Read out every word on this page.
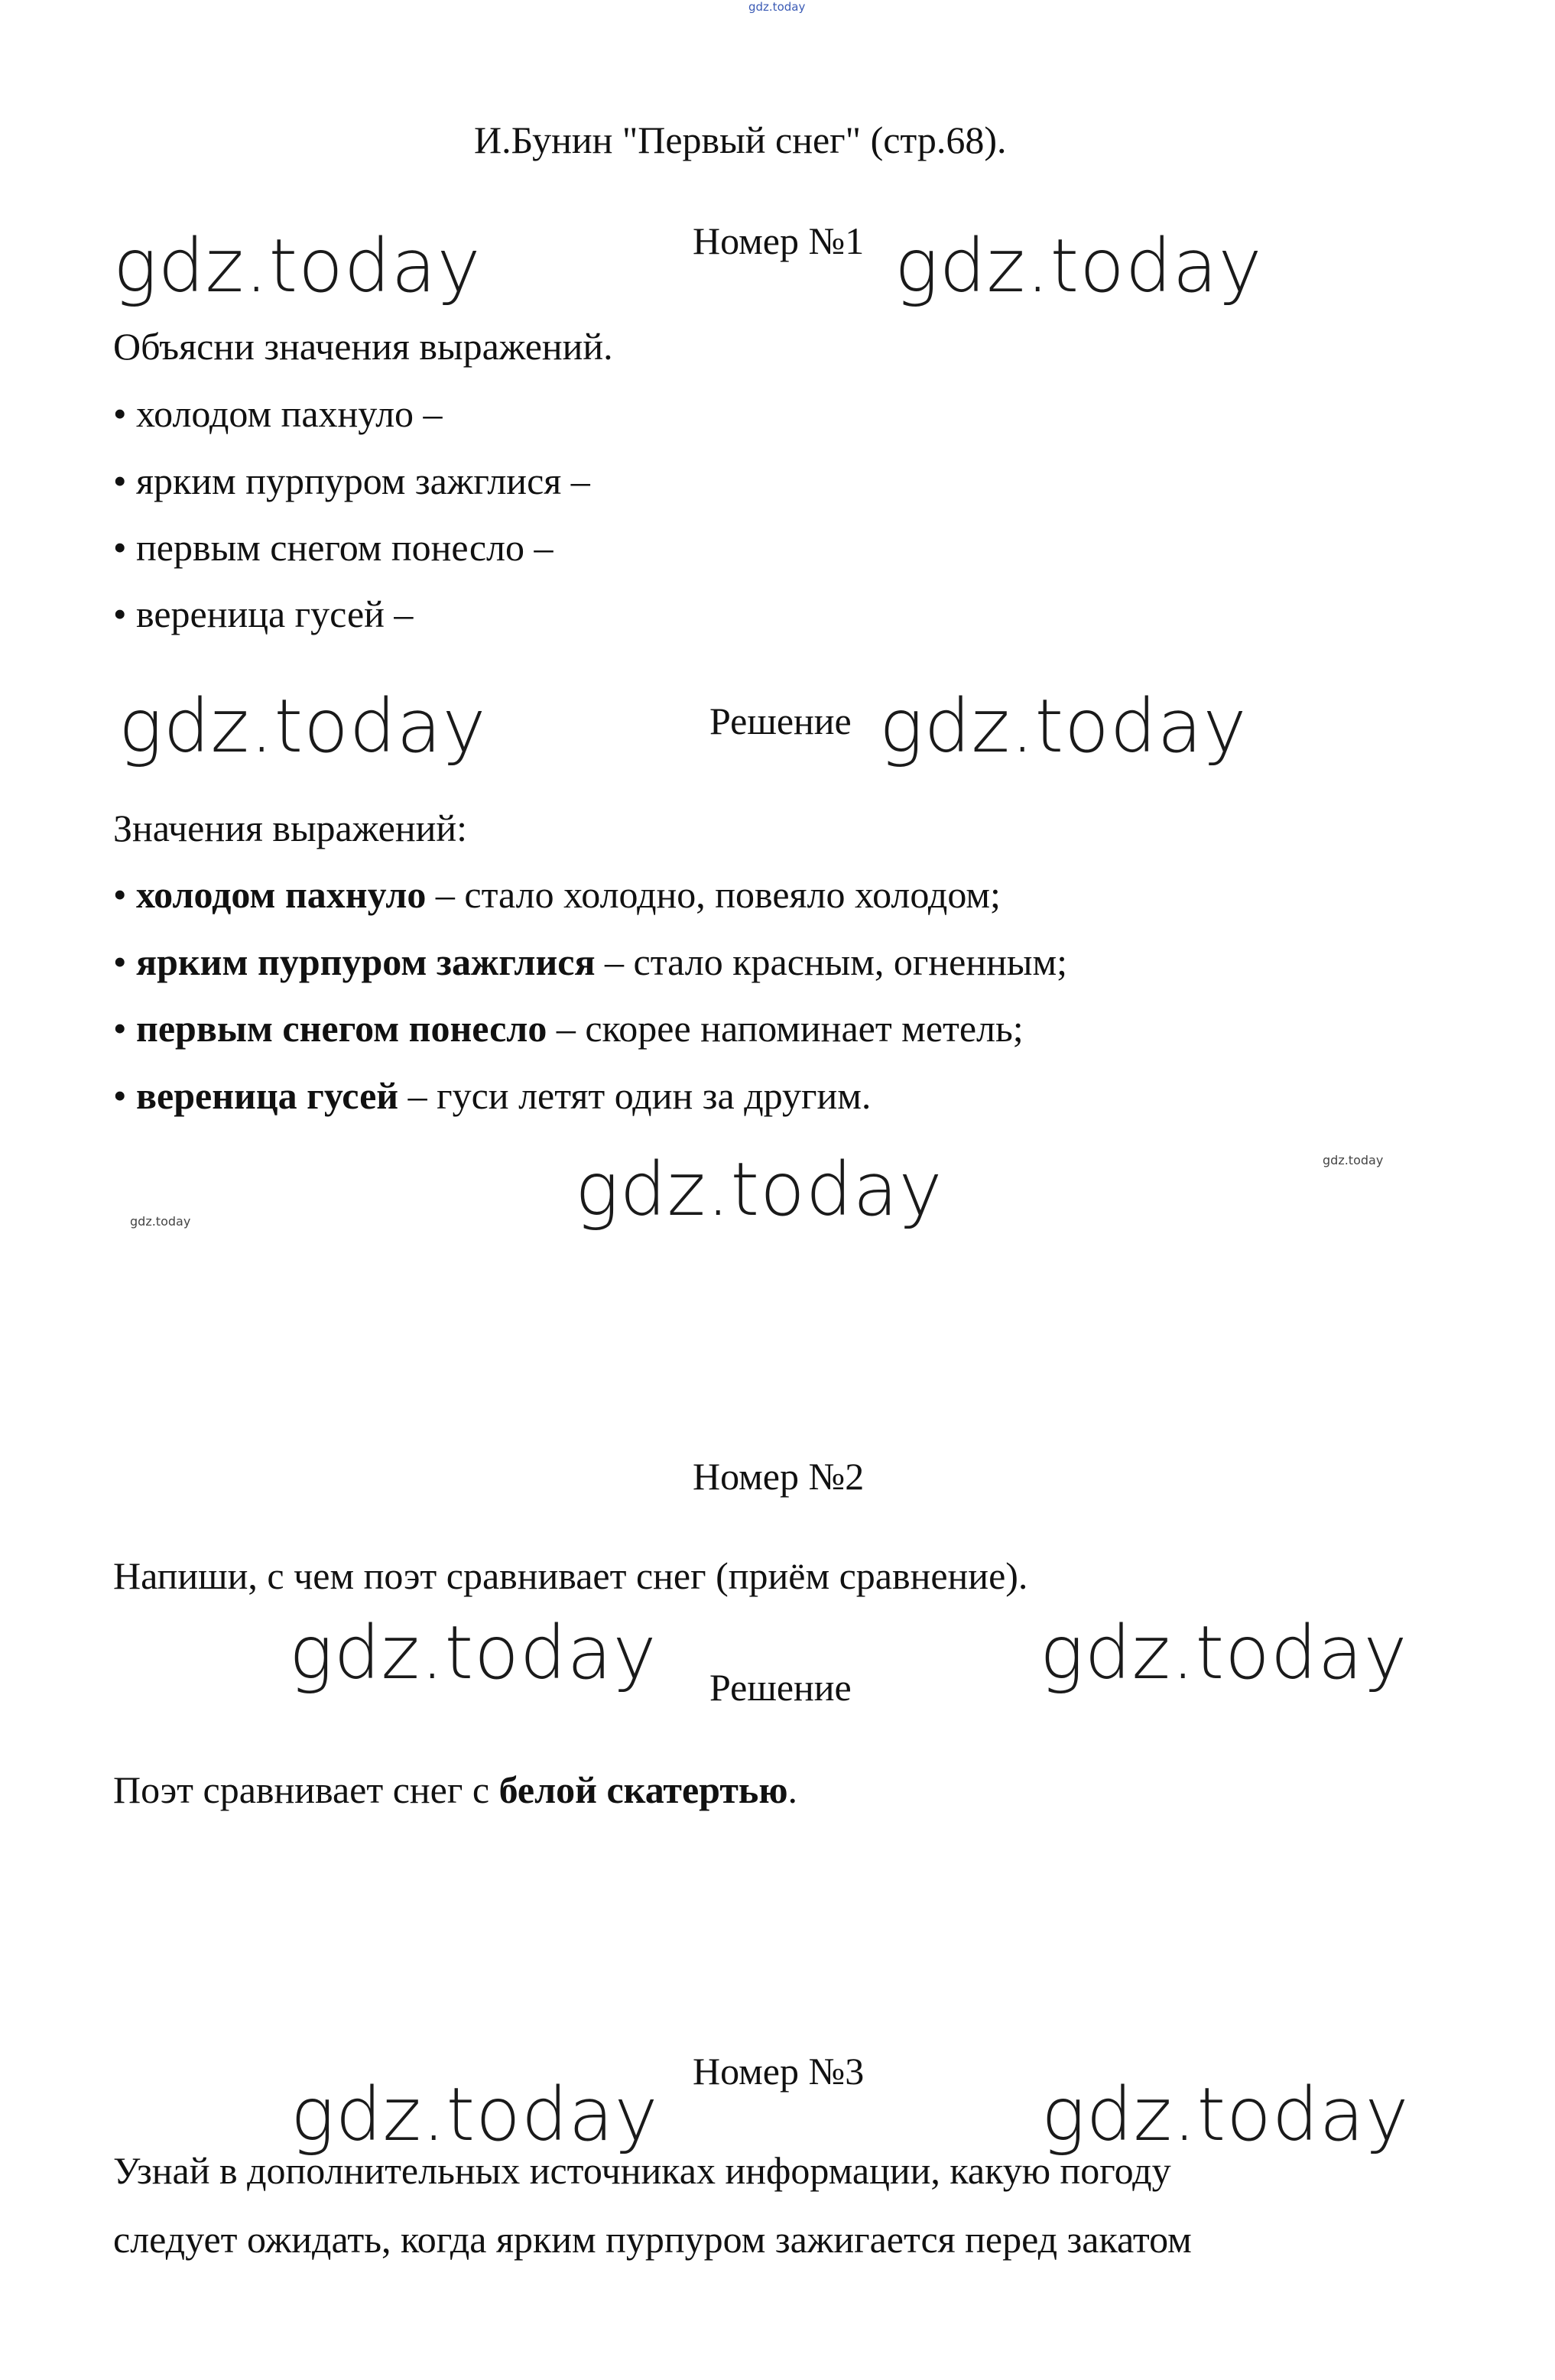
gdz.today
И.Бунин "Первый снег" (стр.68).
gdz.today	Номер №1 gdz.today
Объясни значения выражений.
• холодом пахнуло –
• ярким пурпуром зажглися –
• первым снегом понесло –
• вереница гусей –
gdz.today	Решение gdz.today
Значения выражений:
• холодом пахнуло – стало холодно, повеяло холодом;
• ярким пурпуром зажглися – стало красным, огненным;
• первым снегом понесло – скорее напоминает метель;
• вереница гусей – гуси летят один за другим.
gdz.today
gdz.today
gdz.today
Номер №2
Напиши, с чем поэт сравнивает снег (приём сравнение).
gdz.today Решение	gdz.today
Поэт сравнивает снег с белой скатертью.
Номер №3
gdz.today	gdz.today
Узнай в дополнительных источниках информации, какую погоду
следует ожидать, когда ярким пурпуром зажигается перед закатом
